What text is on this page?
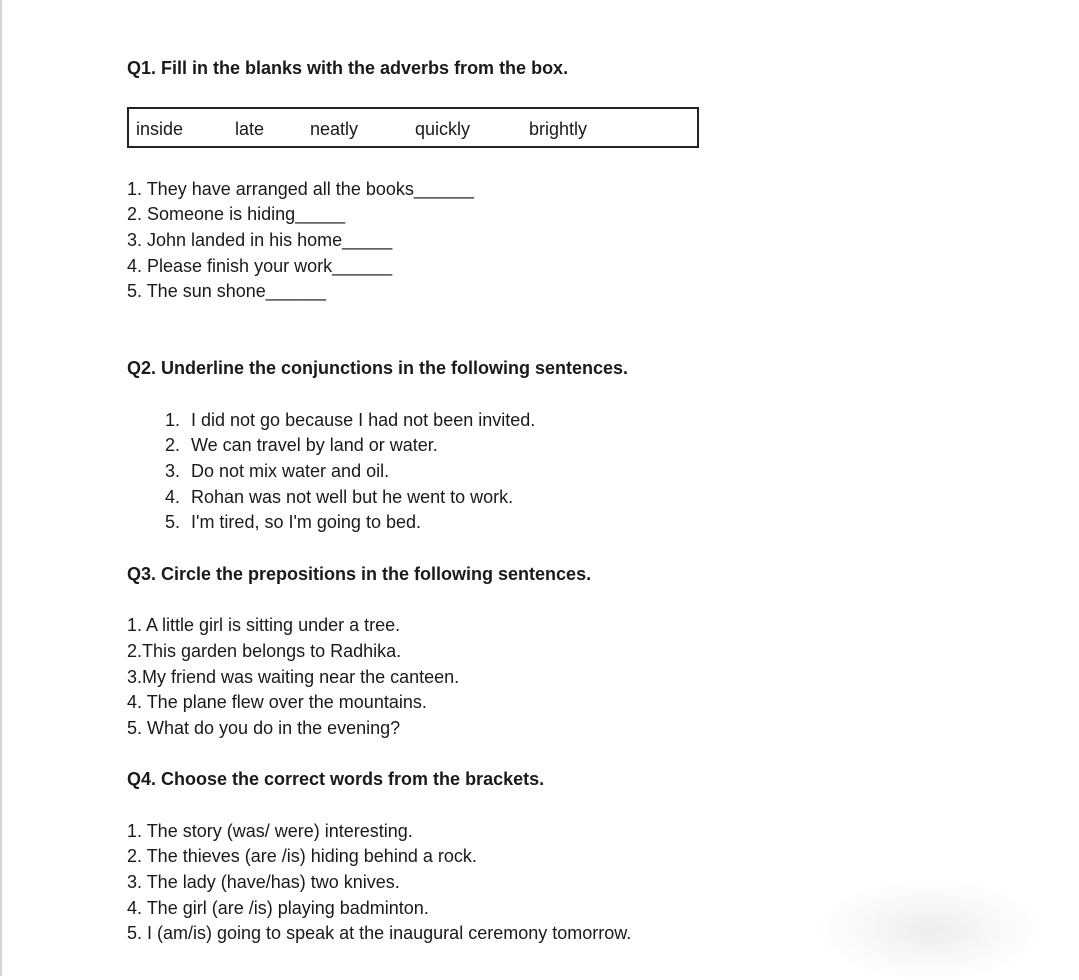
Q1. Fill in the blanks with the adverbs from the box.
inside	late	neatly	quickly	brightly
1. They have arranged all the books______
2. Someone is hiding_____
3. John landed in his home_____
4. Please finish your work______
5. The sun shone______
Q2. Underline the conjunctions in the following sentences.
1. I did not go because I had not been invited.
2. We can travel by land or water.
3. Do not mix water and oil.
4. Rohan was not well but he went to work.
5. I'm tired, so I'm going to bed.
Q3. Circle the prepositions in the following sentences.
1. A little girl is sitting under a tree.
2.This garden belongs to Radhika.
3.My friend was waiting near the canteen.
4. The plane flew over the mountains.
5. What do you do in the evening?
Q4. Choose the correct words from the brackets.
1. The story (was/ were) interesting.
2. The thieves (are /is) hiding behind a rock.
3. The lady (have/has) two knives.
4. The girl (are /is) playing badminton.
5. I (am/is) going to speak at the inaugural ceremony tomorrow.
